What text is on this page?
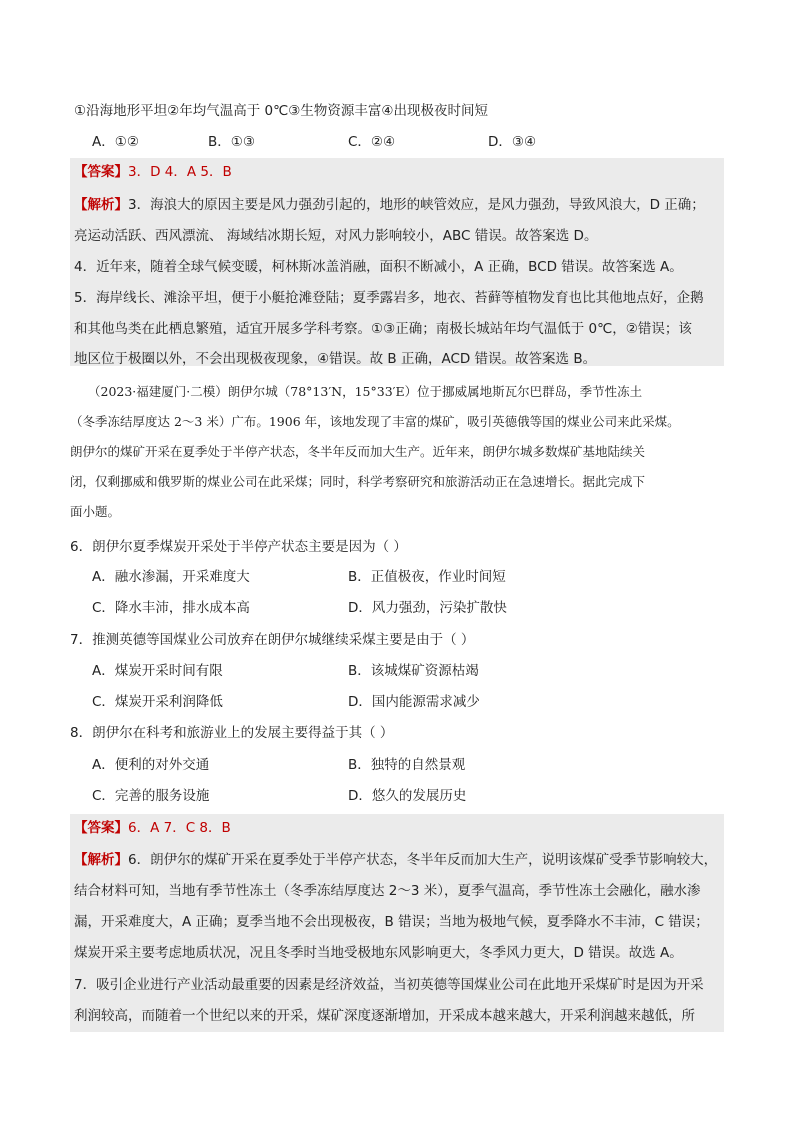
①沿海地形平坦②年均气温高于 0℃③生物资源丰富④出现极夜时间短
A．①②	B．①③	C．②④	D．③④
【答案】3．D 4．A 5．B
【解析】3．海浪大的原因主要是风力强劲引起的，地形的峡管效应，是风力强劲，导致风浪大，D 正确；
亮运动活跃、西风漂流、 海域结冰期长短，对风力影响较小，ABC 错误。故答案选 D。
4．近年来，随着全球气候变暖，柯林斯冰盖消融，面积不断减小，A 正确，BCD 错误。故答案选 A。
5．海岸线长、滩涂平坦，便于小艇抢滩登陆；夏季露岩多，地衣、苔藓等植物发育也比其他地点好，企鹅
和其他鸟类在此栖息繁殖，适宜开展多学科考察。①③正确；南极长城站年均气温低于 0℃，②错误；该
地区位于极圈以外，不会出现极夜现象，④错误。故 B 正确，ACD 错误。故答案选 B。
（2023·福建厦门·二模）朗伊尔城（78°13′N，15°33′E）位于挪威属地斯瓦尔巴群岛，季节性冻土
（冬季冻结厚度达 2～3 米）广布。1906 年，该地发现了丰富的煤矿，吸引英德俄等国的煤业公司来此采煤。
朗伊尔的煤矿开采在夏季处于半停产状态，冬半年反而加大生产。近年来，朗伊尔城多数煤矿基地陆续关
闭，仅剩挪威和俄罗斯的煤业公司在此采煤；同时，科学考察研究和旅游活动正在急速增长。据此完成下
面小题。
6．朗伊尔夏季煤炭开采处于半停产状态主要是因为（ ）
A．融水渗漏，开采难度大	B．正值极夜，作业时间短
C．降水丰沛，排水成本高	D．风力强劲，污染扩散快
7．推测英德等国煤业公司放弃在朗伊尔城继续采煤主要是由于（ ）
A．煤炭开采时间有限	B．该城煤矿资源枯竭
C．煤炭开采利润降低	D．国内能源需求减少
8．朗伊尔在科考和旅游业上的发展主要得益于其（ ）
A．便利的对外交通	B．独特的自然景观
C．完善的服务设施	D．悠久的发展历史
【答案】6．A 7．C 8．B
【解析】6．朗伊尔的煤矿开采在夏季处于半停产状态，冬半年反而加大生产，说明该煤矿受季节影响较大，
结合材料可知，当地有季节性冻土（冬季冻结厚度达 2～3 米），夏季气温高，季节性冻土会融化，融水渗
漏，开采难度大，A 正确；夏季当地不会出现极夜，B 错误；当地为极地气候，夏季降水不丰沛，C 错误；
煤炭开采主要考虑地质状况，况且冬季时当地受极地东风影响更大，冬季风力更大，D 错误。故选 A。
7．吸引企业进行产业活动最重要的因素是经济效益，当初英德等国煤业公司在此地开采煤矿时是因为开采
利润较高，而随着一个世纪以来的开采，煤矿深度逐渐增加，开采成本越来越大，开采利润越来越低，所
